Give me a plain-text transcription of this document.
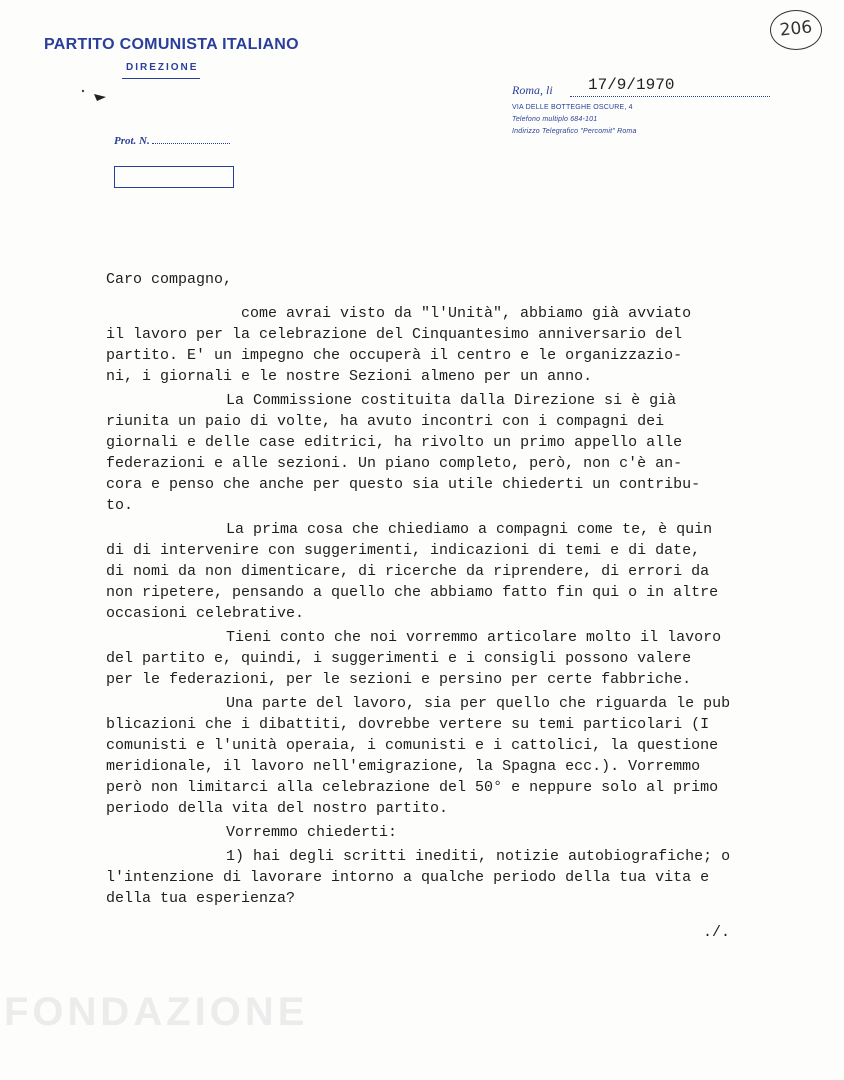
PARTITO COMUNISTA ITALIANO
DIREZIONE
Prot. N.
206
Roma, li 17/9/1970
VIA DELLE BOTTEGHE OSCURE, 4
Telefono multiplo 684-101
Indirizzo Telegrafico "Percomit" Roma
Caro compagno,
come avrai visto da "l'Unità", abbiamo già avviato
il lavoro per la celebrazione del Cinquantesimo anniversario del
partito. E' un impegno che occuperà il centro e le organizzazio-
ni, i giornali e le nostre Sezioni almeno per un anno.
La Commissione costituita dalla Direzione si è già
riunita un paio di volte, ha avuto incontri con i compagni dei
giornali e delle case editrici, ha rivolto un primo appello alle
federazioni e alle sezioni. Un piano completo, però, non c'è an-
cora e penso che anche per questo sia utile chiederti un contribu-
to.
La prima cosa che chiediamo a compagni come te, è quin
di di intervenire con suggerimenti, indicazioni di temi e di date,
di nomi da non dimenticare, di ricerche da riprendere, di errori da
non ripetere, pensando a quello che abbiamo fatto fin qui o in altre
occasioni celebrative.
Tieni conto che noi vorremmo articolare molto il lavoro
del partito e, quindi, i suggerimenti e i consigli possono valere
per le federazioni, per le sezioni e persino per certe fabbriche.
Una parte del lavoro, sia per quello che riguarda le pub
blicazioni che i dibattiti, dovrebbe vertere su temi particolari (I
comunisti e l'unità operaia, i comunisti e i cattolici, la questione
meridionale, il lavoro nell'emigrazione, la Spagna ecc.). Vorremmo
però non limitarci alla celebrazione del 50° e neppure solo al primo
periodo della vita del nostro partito.
Vorremmo chiederti:
1) hai degli scritti inediti, notizie autobiografiche; o
l'intenzione di lavorare intorno a qualche periodo della tua vita e
della tua esperienza?
./.
FONDAZIONE
